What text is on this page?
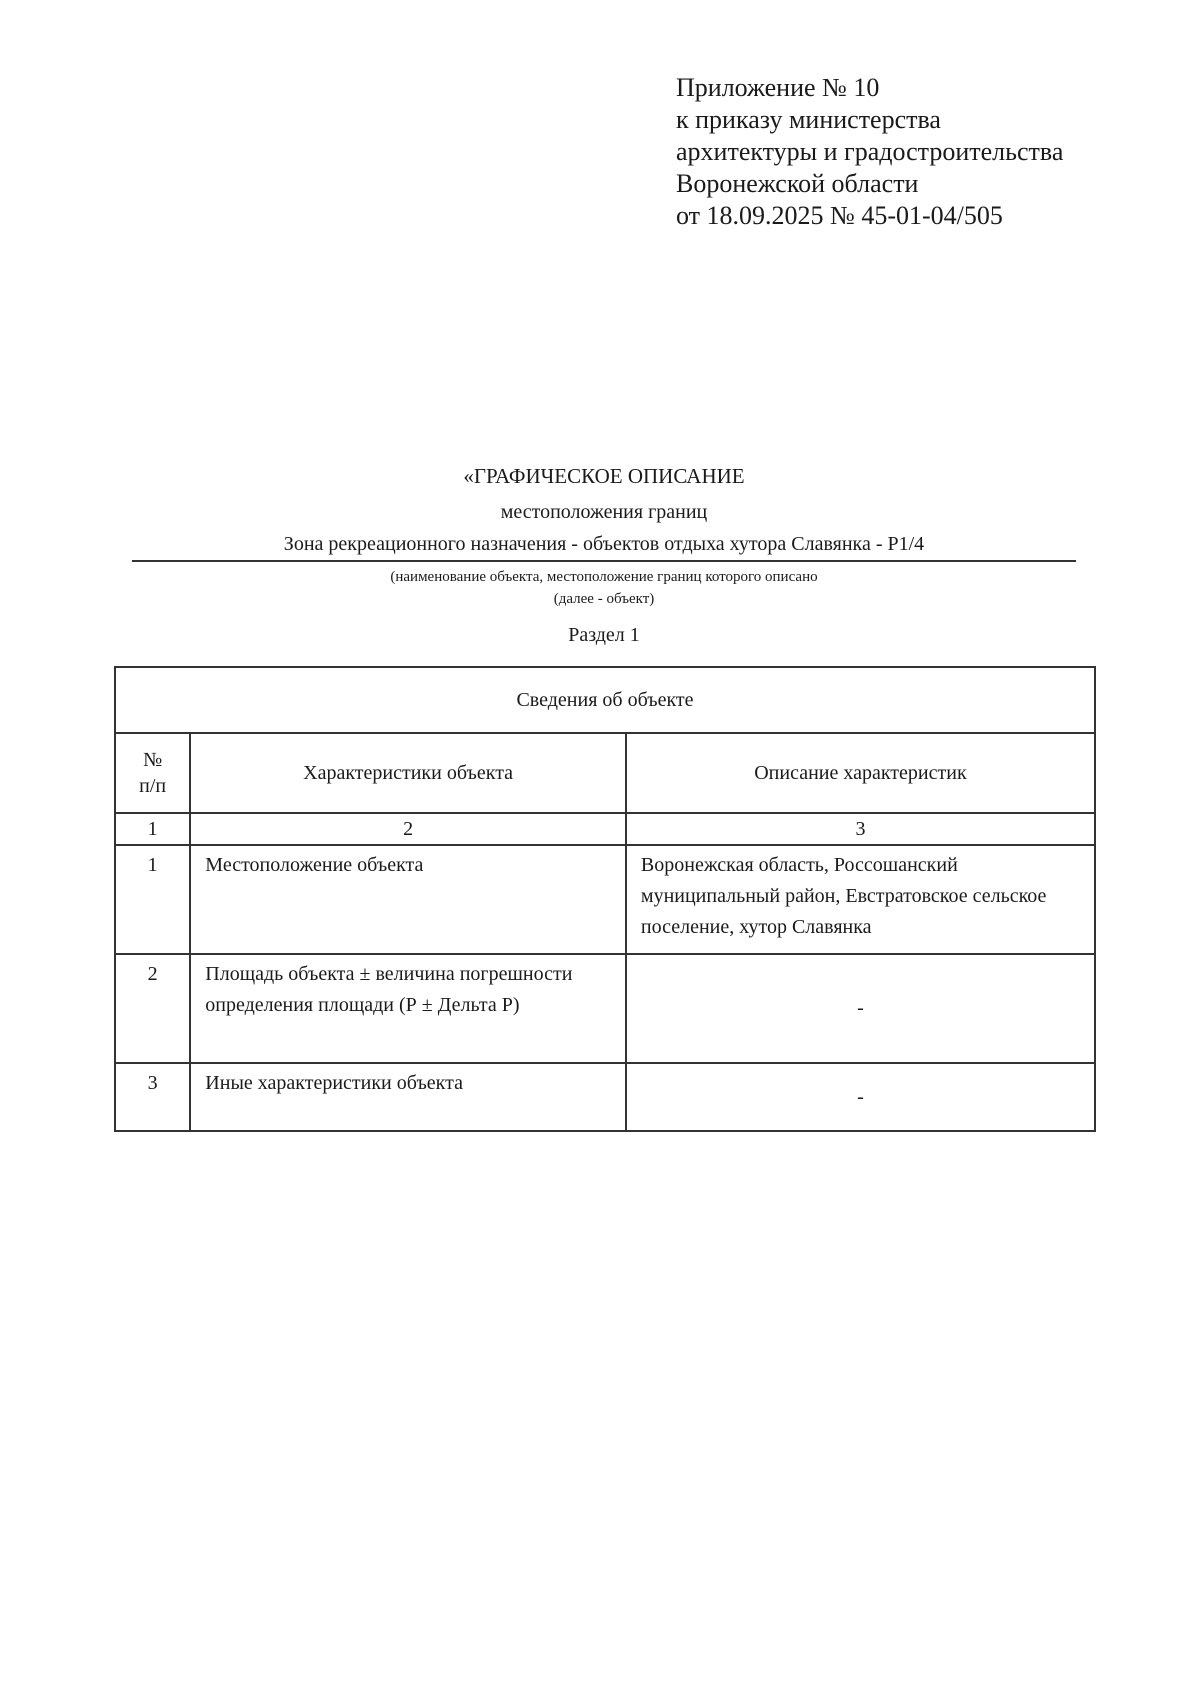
Приложение № 10
к приказу министерства
архитектуры и градостроительства
Воронежской области
от 18.09.2025 № 45-01-04/505
«ГРАФИЧЕСКОЕ ОПИСАНИЕ
местоположения границ
Зона рекреационного назначения - объектов отдыха хутора Славянка - Р1/4
(наименование объекта, местоположение границ которого описано
(далее - объект)
Раздел 1
Сведения об объекте		

№
п/п	Характеристики объекта	Описание характеристик
1	2	3
1	Местоположение объекта	Воронежская область, Россошанский муниципальный район, Евстратовское сельское поселение, хутор Славянка
2	Площадь объекта ± величина погрешности определения площади (Р ± Дельта Р)	-
3	Иные характеристики объекта	-
